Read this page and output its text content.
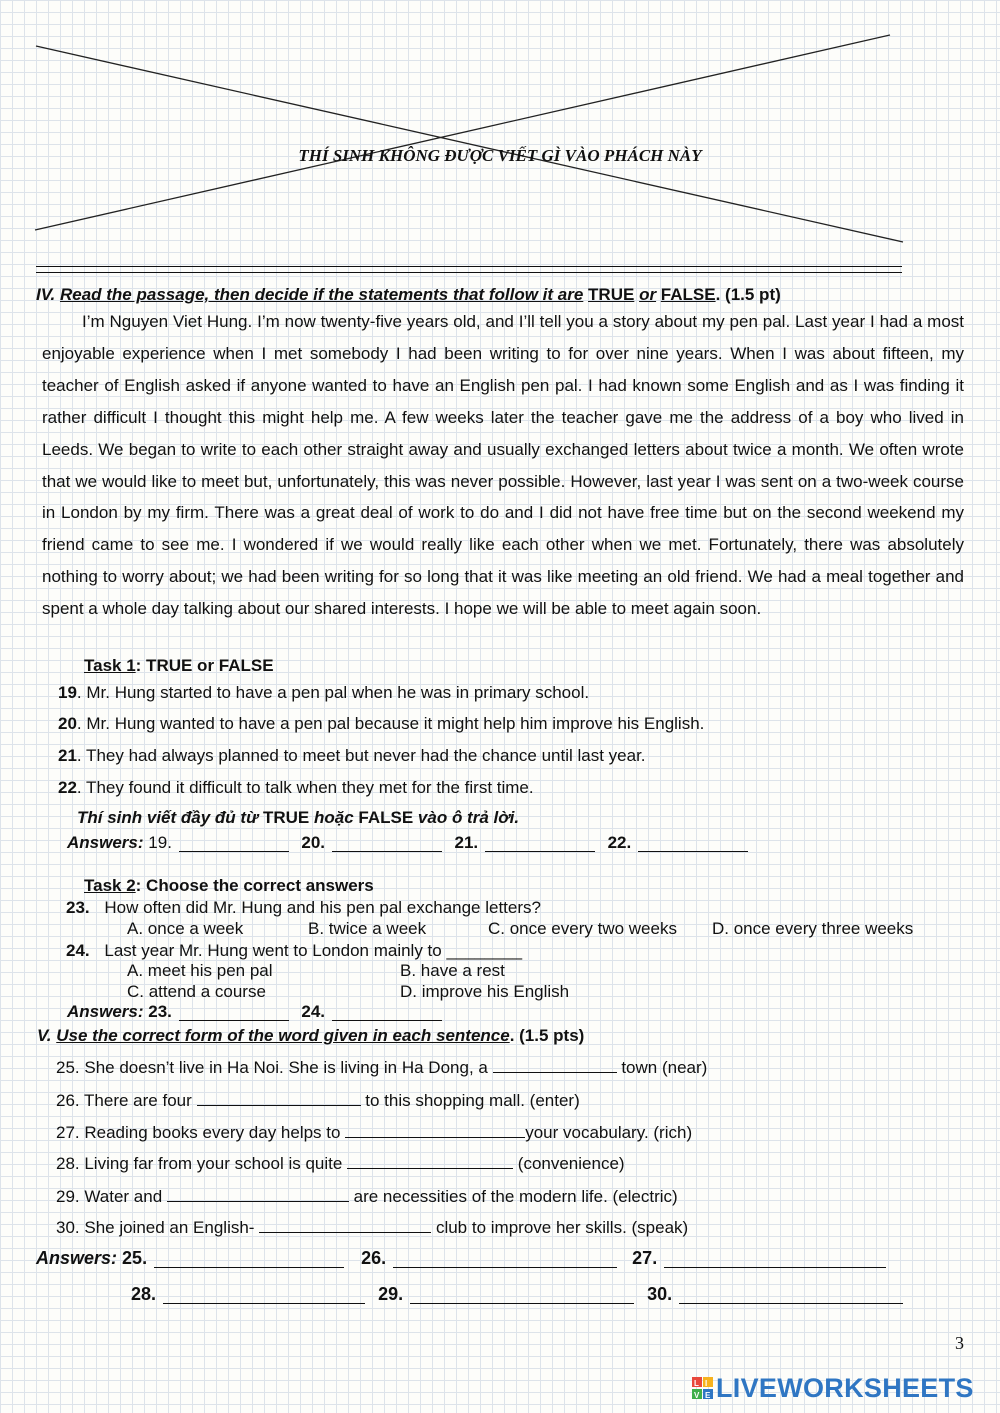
THÍ SINH KHÔNG ĐƯỢC VIẾT GÌ VÀO PHÁCH NÀY
IV. Read the passage, then decide if the statements that follow it are TRUE or FALSE. (1.5 pt)

I’m Nguyen Viet Hung. I’m now twenty-five years old, and I’ll tell you a story about my pen pal. Last year I had a most enjoyable experience when I met somebody I had been writing to for over nine years. When I was about fifteen, my teacher of English asked if anyone wanted to have an English pen pal. I had known some English and as I was finding it rather difficult I thought this might help me. A few weeks later the teacher gave me the address of a boy who lived in Leeds. We began to write to each other straight away and usually exchanged letters about twice a month. We often wrote that we would like to meet but, unfortunately, this was never possible. However, last year I was sent on a two-week course in London by my firm. There was a great deal of work to do and I did not have free time but on the second weekend my friend came to see me. I wondered if we would really like each other when we met. Fortunately, there was absolutely nothing to worry about; we had been writing for so long that it was like meeting an old friend. We had a meal together and spent a whole day talking about our shared interests. I hope we will be able to meet again soon.

Task 1: TRUE or FALSE
19. Mr. Hung started to have a pen pal when he was in primary school.
20. Mr. Hung wanted to have a pen pal because it might help him improve his English.
21. They had always planned to meet but never had the chance until last year.
22. They found it difficult to talk when they met for the first time.
Thí sinh viết đầy đủ từ TRUE hoặc FALSE vào ô trả lời.
Answers: 19.	20.	21.	22.
Task 2: Choose the correct answers
23. How often did Mr. Hung and his pen pal exchange letters?
A. once a week	B. twice a week	C. once every two weeks D. once every three weeks
24. Last year Mr. Hung went to London mainly to ________
A. meet his pen pal	B. have a rest
C. attend a course	D. improve his English
Answers: 23.	24.
V. Use the correct form of the word given in each sentence. (1.5 pts)
25. She doesn’t live in Ha Noi. She is living in Ha Dong, a	town (near)
26. There are four	to this shopping mall. (enter)
27. Reading books every day helps to	your vocabulary. (rich)
28. Living far from your school is quite	(convenience)
29. Water and	are necessities of the modern life. (electric)
30. She joined an English-	club to improve her skills. (speak)
Answers: 25.	26.	27.
28.	29.	30.
3
L I
V E LIVEWORKSHEETS
